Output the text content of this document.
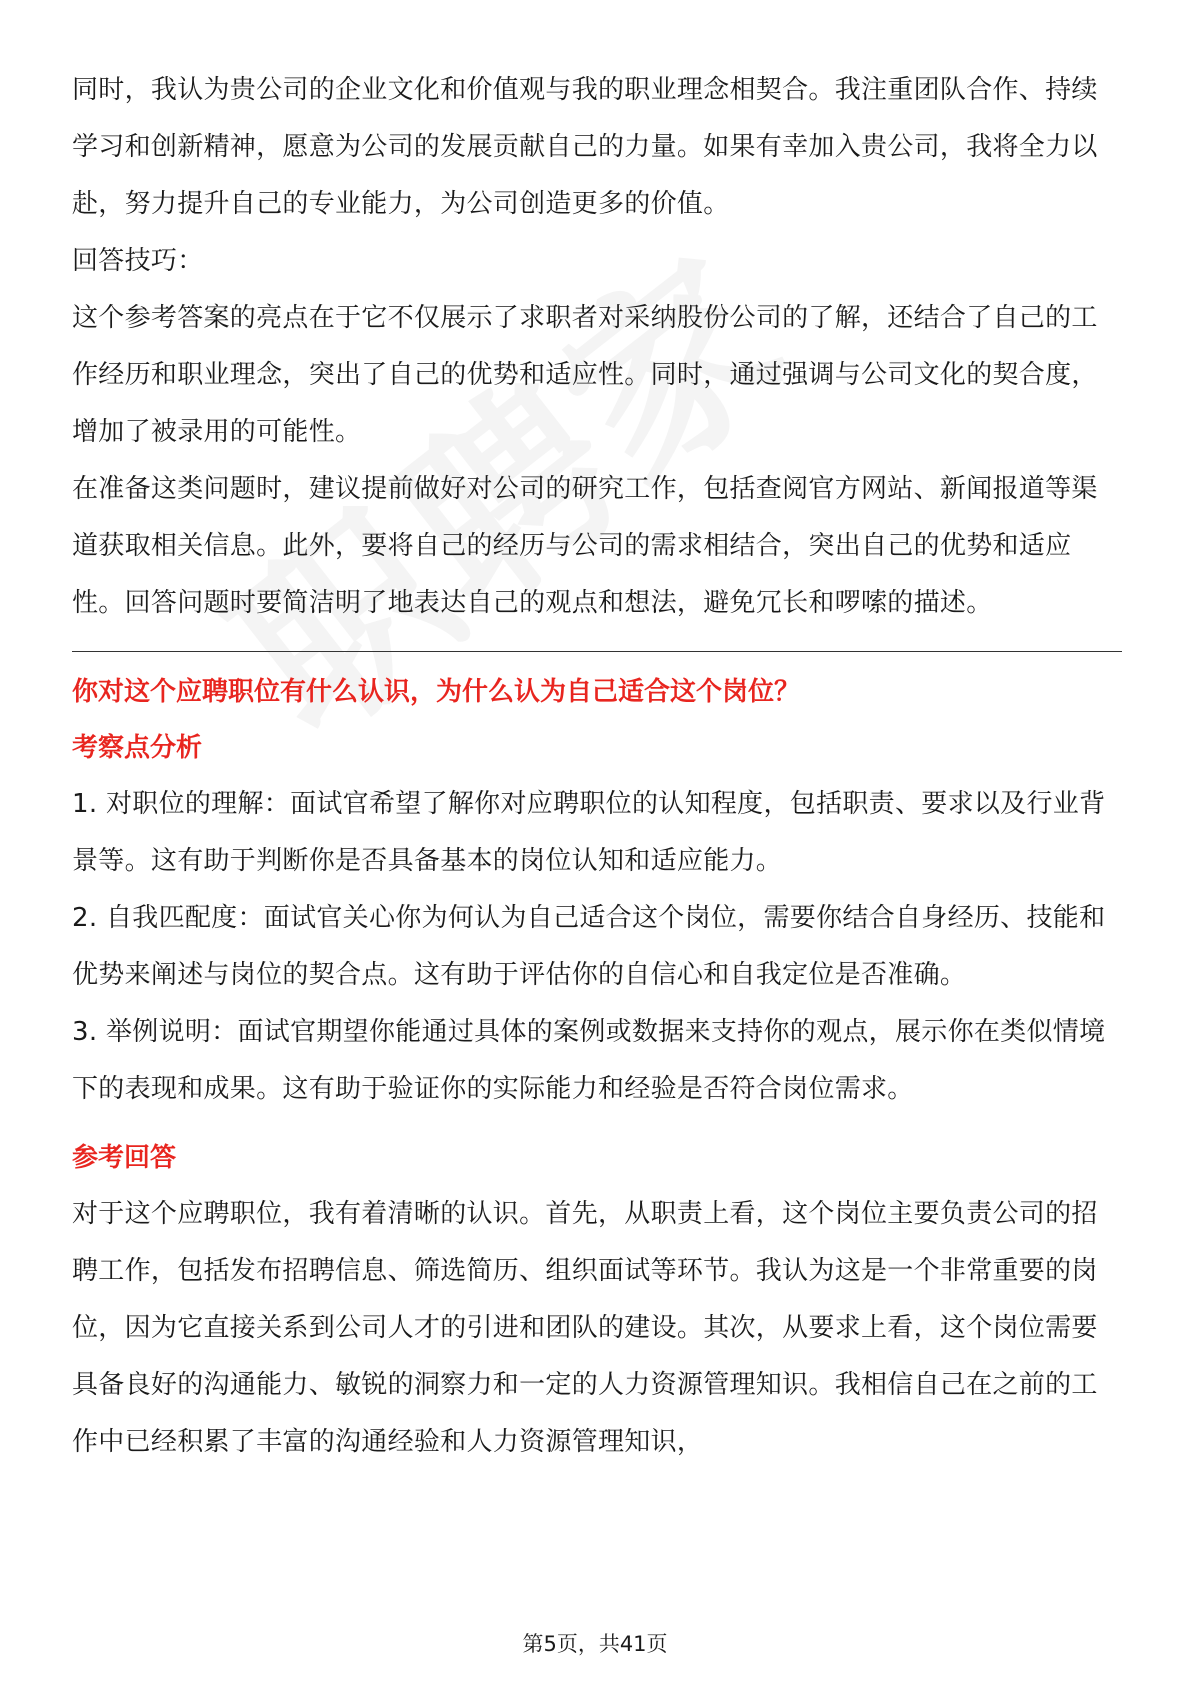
同时，我认为贵公司的企业文化和价值观与我的职业理念相契合。我注重团队合作、持续学习和创新精神，愿意为公司的发展贡献自己的力量。如果有幸加入贵公司，我将全力以赴，努力提升自己的专业能力，为公司创造更多的价值。

回答技巧：

这个参考答案的亮点在于它不仅展示了求职者对采纳股份公司的了解，还结合了自己的工作经历和职业理念，突出了自己的优势和适应性。同时，通过强调与公司文化的契合度，增加了被录用的可能性。

在准备这类问题时，建议提前做好对公司的研究工作，包括查阅官方网站、新闻报道等渠道获取相关信息。此外，要将自己的经历与公司的需求相结合，突出自己的优势和适应性。回答问题时要简洁明了地表达自己的观点和想法，避免冗长和啰嗦的描述。

你对这个应聘职位有什么认识，为什么认为自己适合这个岗位？

考察点分析

1. 对职位的理解：面试官希望了解你对应聘职位的认知程度，包括职责、要求以及行业背景等。这有助于判断你是否具备基本的岗位认知和适应能力。

2. 自我匹配度：面试官关心你为何认为自己适合这个岗位，需要你结合自身经历、技能和优势来阐述与岗位的契合点。这有助于评估你的自信心和自我定位是否准确。

3. 举例说明：面试官期望你能通过具体的案例或数据来支持你的观点，展示你在类似情境下的表现和成果。这有助于验证你的实际能力和经验是否符合岗位需求。

参考回答

对于这个应聘职位，我有着清晰的认识。首先，从职责上看，这个岗位主要负责公司的招聘工作，包括发布招聘信息、筛选简历、组织面试等环节。我认为这是一个非常重要的岗位，因为它直接关系到公司人才的引进和团队的建设。其次，从要求上看，这个岗位需要具备良好的沟通能力、敏锐的洞察力和一定的人力资源管理知识。我相信自己在之前的工作中已经积累了丰富的沟通经验和人力资源管理知识，

第5页，共41页
